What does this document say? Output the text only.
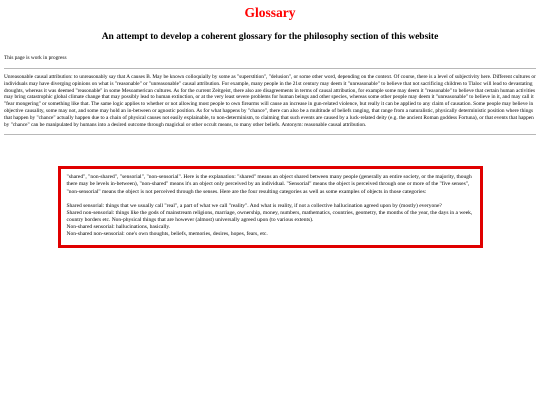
Glossary
An attempt to develop a coherent glossary for the philosophy section of this website

This page is work in progress

Unreasonable causal attribution: to unreasonably say that A causes B. May be known colloquially by some as "superstition", "delusion", or some other word, depending on the context. Of course, there is a level of subjectivity here. Different cultures or individuals may have diverging opinions on what is "reasonable" or "unreasonable" causal attribution. For example, many people in the 21st century may deem it "unreasonable" to believe that not sacrificing children to Tlaloc will lead to devastating droughts, whereas it was deemed "reasonable" in some Mesoamerican cultures. As for the current Zeitgeist, there also are disagreements in terms of causal attribution, for example some may deem it "reasonable" to believe that certain human activities may bring catastrophic global climate change that may possibly lead to human extinction, or at the very least severe problems for human beings and other species, whereas some other people may deem it "unreasonable" to believe in it, and may call it "fear mongering" or something like that. The same logic applies to whether or not allowing most people to own firearms will cause an increase in gun-related violence, but really it can be applied to any claim of causation. Some people may believe in objective causality, some may not, and some may hold an in-between or agnostic position. As for what happens by "chance", there can also be a multitude of beliefs ranging, that range from a naturalistic, physically deterministic position where things that happen by "chance" actually happen due to a chain of physical causes not easily explainable, to non-determinism, to claiming that such events are caused by a luck-related deity (e.g. the ancient Roman goddess Fortuna), or that events that happen by "chance" can be manipulated by humans into a desired outcome through magickal or other occult means, to many other beliefs. Antonym: reasonable causal attribution.

"shared", "non-shared", "sensorial", "non-sensorial". Here is the explanation: "shared" means an object shared between many people (generally an entire society, or the majority, though there may be levels in-between), "non-shared" means it's an object only perceived by an individual. "Sensorial" means the object is perceived through one or more of the "five senses", "non-sensorial" means the object is not perceived through the senses. Here are the four resulting categories as well as some examples of objects in those categories:

Shared sensorial: things that we usually call "real", a part of what we call "reality". And what is reality, if not a collective hallucination agreed upon by (mostly) everyone?

Shared non-sensorial: things like the gods of mainstream religions, marriage, ownership, money, numbers, mathematics, countries, geometry, the months of the year, the days in a week, country borders etc. Non-physical things that are however (almost) universally agreed upon (to various extents).

Non-shared sensorial: hallucinations, basically.

Non-shared non-sensorial: one's own thoughts, beliefs, memories, desires, hopes, fears, etc.
